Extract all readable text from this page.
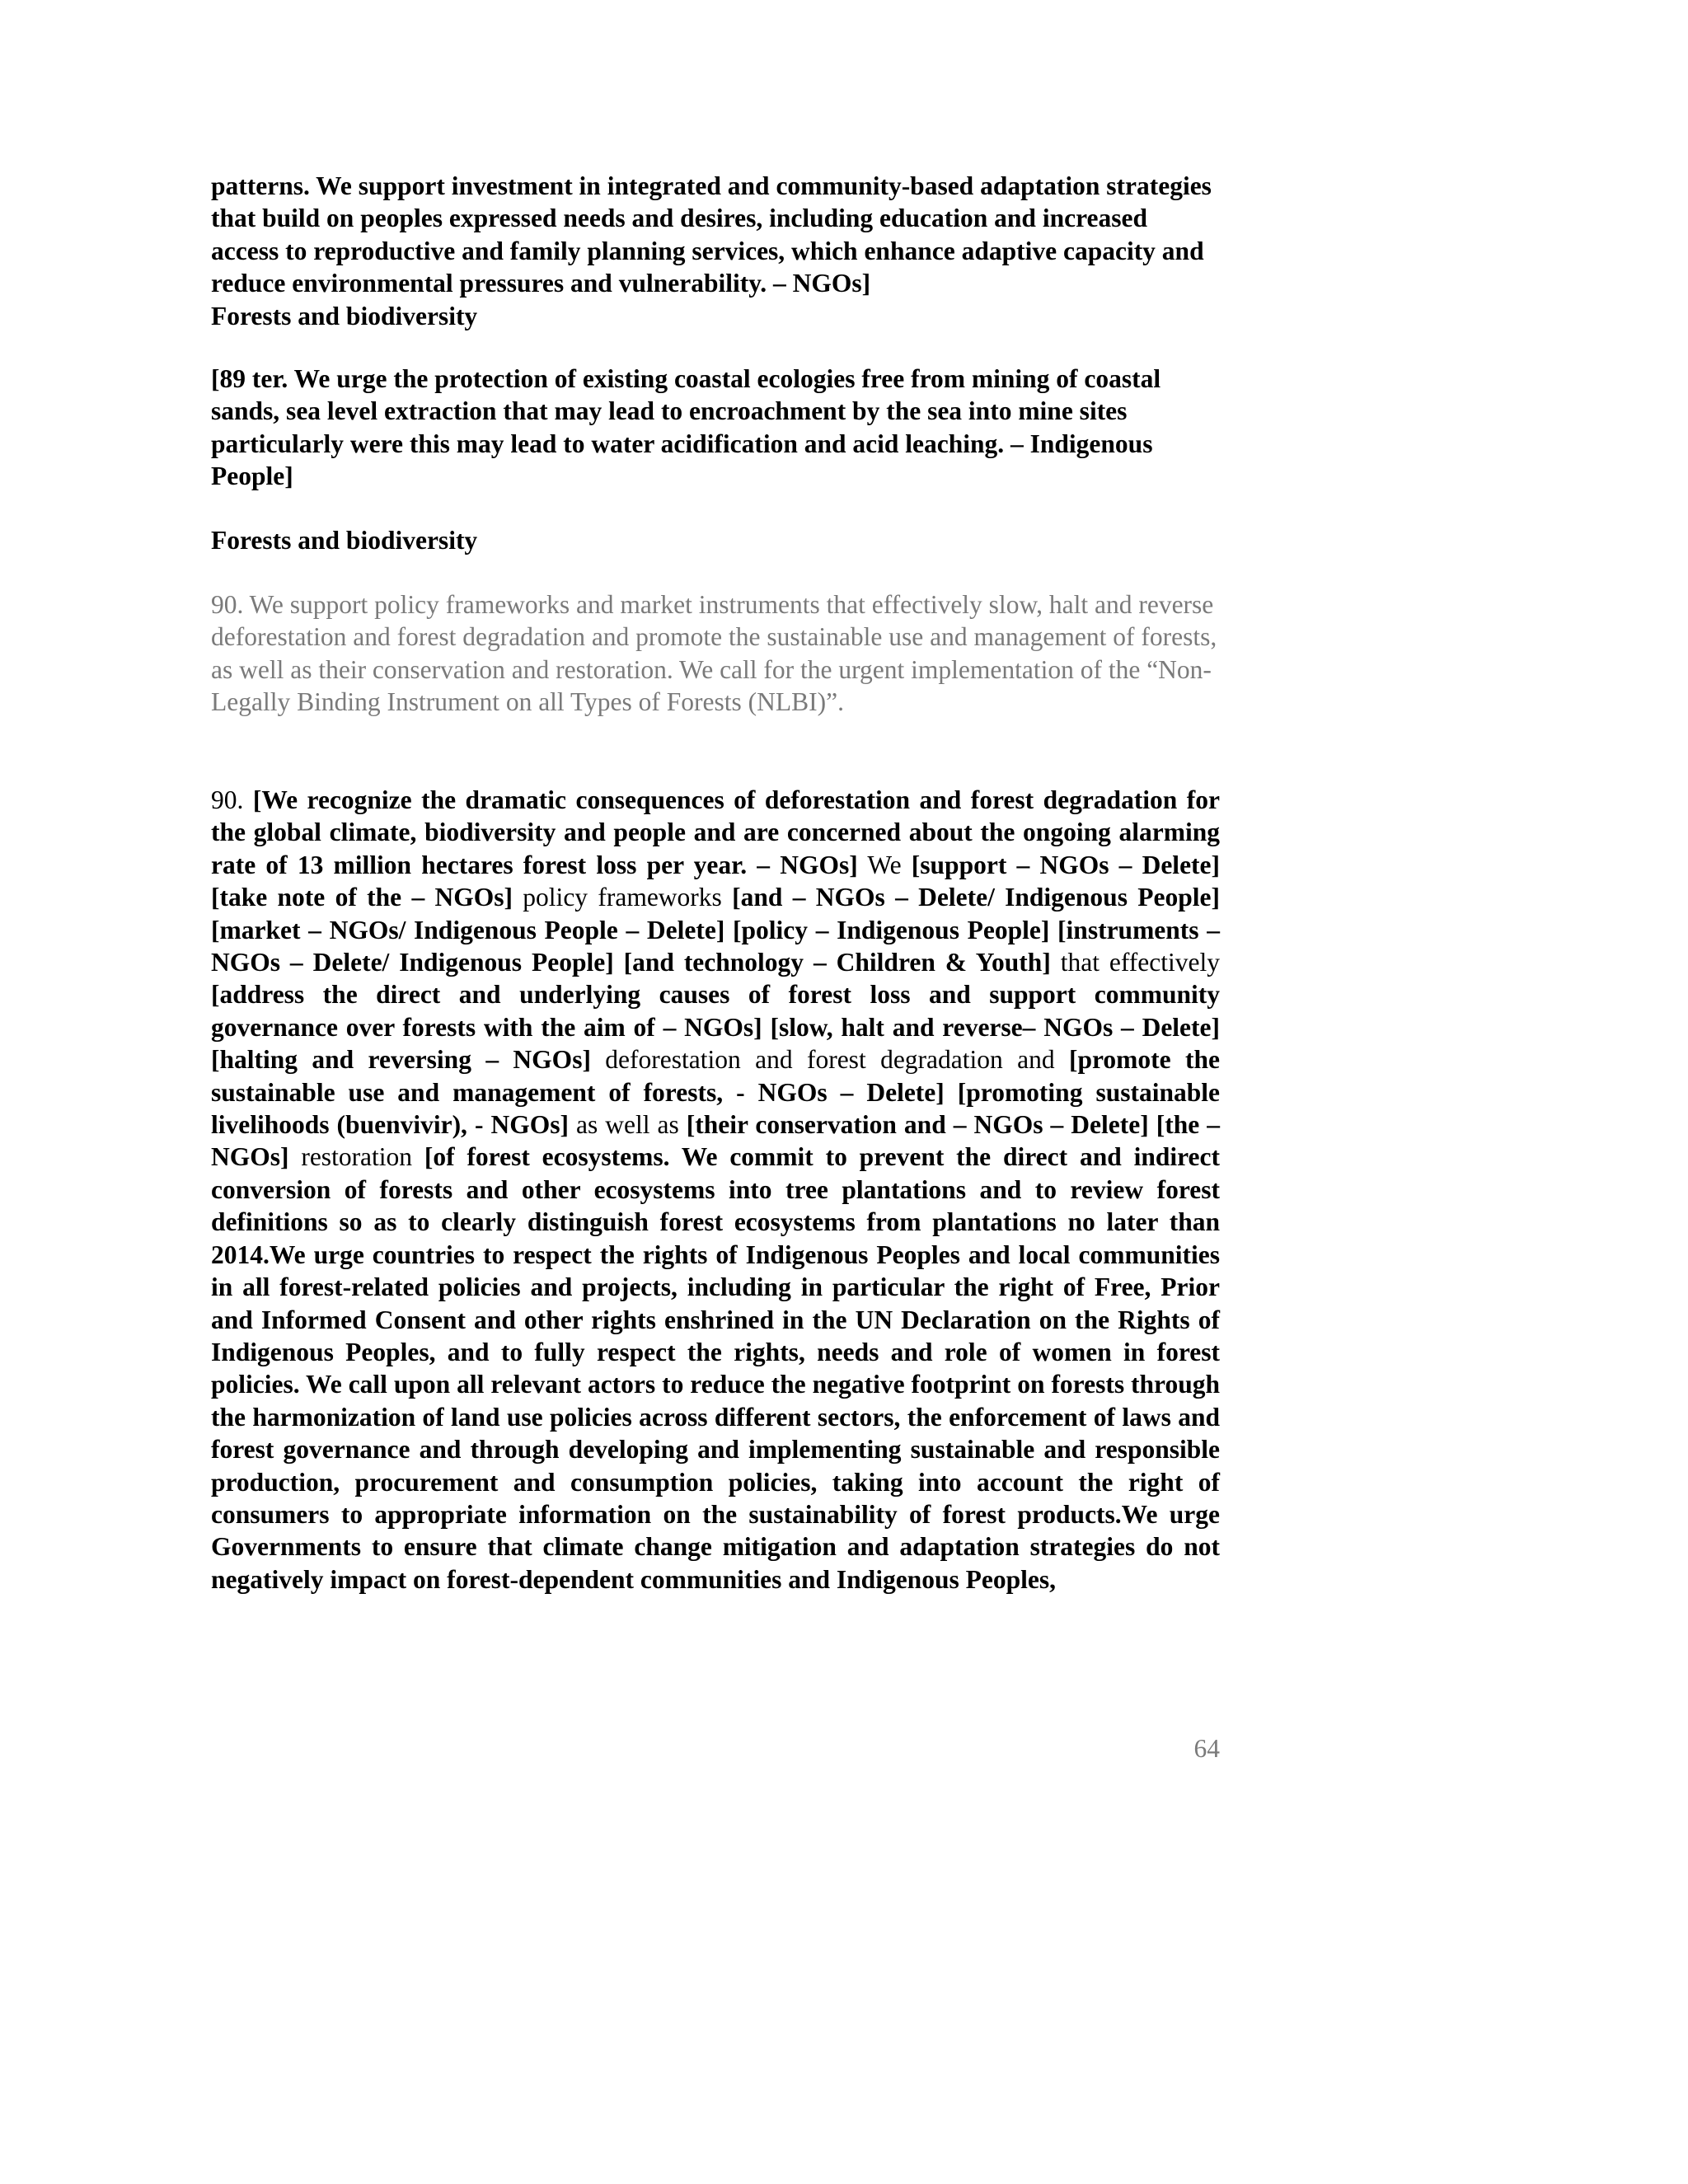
patterns. We support investment in integrated and community-based adaptation strategies that build on peoples expressed needs and desires, including education and increased access to reproductive and family planning services, which enhance adaptive capacity and reduce environmental pressures and vulnerability. – NGOs]
Forests and biodiversity
[89 ter. We urge the protection of existing coastal ecologies free from mining of coastal sands, sea level extraction that may lead to encroachment by the sea into mine sites particularly were this may lead to water acidification and acid leaching. – Indigenous People]
Forests and biodiversity
90. We support policy frameworks and market instruments that effectively slow, halt and reverse deforestation and forest degradation and promote the sustainable use and management of forests, as well as their conservation and restoration. We call for the urgent implementation of the “Non-Legally Binding Instrument on all Types of Forests (NLBI)”.
90. [We recognize the dramatic consequences of deforestation and forest degradation for the global climate, biodiversity and people and are concerned about the ongoing alarming rate of 13 million hectares forest loss per year. – NGOs] We [support – NGOs – Delete] [take note of the – NGOs] policy frameworks [and – NGOs – Delete/ Indigenous People] [market – NGOs/ Indigenous People – Delete] [policy – Indigenous People] [instruments – NGOs – Delete/ Indigenous People] [and technology – Children & Youth] that effectively [address the direct and underlying causes of forest loss and support community governance over forests with the aim of – NGOs] [slow, halt and reverse– NGOs – Delete] [halting and reversing – NGOs] deforestation and forest degradation and [promote the sustainable use and management of forests, - NGOs – Delete] [promoting sustainable livelihoods (buenvivir), - NGOs] as well as [their conservation and – NGOs – Delete] [the – NGOs] restoration [of forest ecosystems. We commit to prevent the direct and indirect conversion of forests and other ecosystems into tree plantations and to review forest definitions so as to clearly distinguish forest ecosystems from plantations no later than 2014.We urge countries to respect the rights of Indigenous Peoples and local communities in all forest-related policies and projects, including in particular the right of Free, Prior and Informed Consent and other rights enshrined in the UN Declaration on the Rights of Indigenous Peoples, and to fully respect the rights, needs and role of women in forest policies. We call upon all relevant actors to reduce the negative footprint on forests through the harmonization of land use policies across different sectors, the enforcement of laws and forest governance and through developing and implementing sustainable and responsible production, procurement and consumption policies, taking into account the right of consumers to appropriate information on the sustainability of forest products.We urge Governments to ensure that climate change mitigation and adaptation strategies do not negatively impact on forest-dependent communities and Indigenous Peoples,
64
